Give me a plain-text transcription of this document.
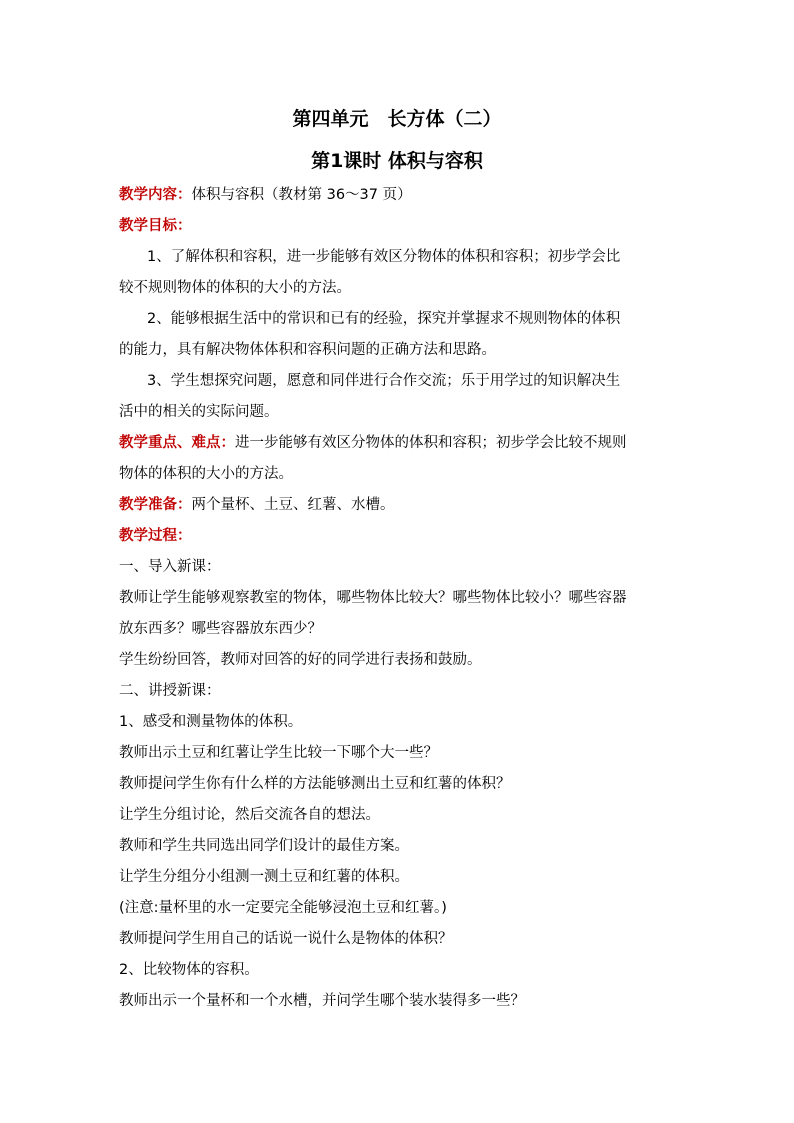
第四单元　长方体（二）
第1课时 体积与容积
教学内容：体积与容积（教材第 36～37 页）
教学目标：
1、了解体积和容积，进一步能够有效区分物体的体积和容积；初步学会比
较不规则物体的体积的大小的方法。
2、能够根据生活中的常识和已有的经验，探究并掌握求不规则物体的体积
的能力，具有解决物体体积和容积问题的正确方法和思路。
3、学生想探究问题，愿意和同伴进行合作交流；乐于用学过的知识解决生
活中的相关的实际问题。
教学重点、难点：进一步能够有效区分物体的体积和容积；初步学会比较不规则
物体的体积的大小的方法。
教学准备：两个量杯、土豆、红薯、水槽。
教学过程：
一、导入新课：
教师让学生能够观察教室的物体，哪些物体比较大？哪些物体比较小？哪些容器
放东西多？哪些容器放东西少？
学生纷纷回答，教师对回答的好的同学进行表扬和鼓励。
二、讲授新课：
1、感受和测量物体的体积。
教师出示土豆和红薯让学生比较一下哪个大一些？
教师提问学生你有什么样的方法能够测出土豆和红薯的体积？
让学生分组讨论，然后交流各自的想法。
教师和学生共同选出同学们设计的最佳方案。
让学生分组分小组测一测土豆和红薯的体积。
(注意:量杯里的水一定要完全能够浸泡土豆和红薯。)
教师提问学生用自己的话说一说什么是物体的体积？
2、比较物体的容积。
教师出示一个量杯和一个水槽，并问学生哪个装水装得多一些？
